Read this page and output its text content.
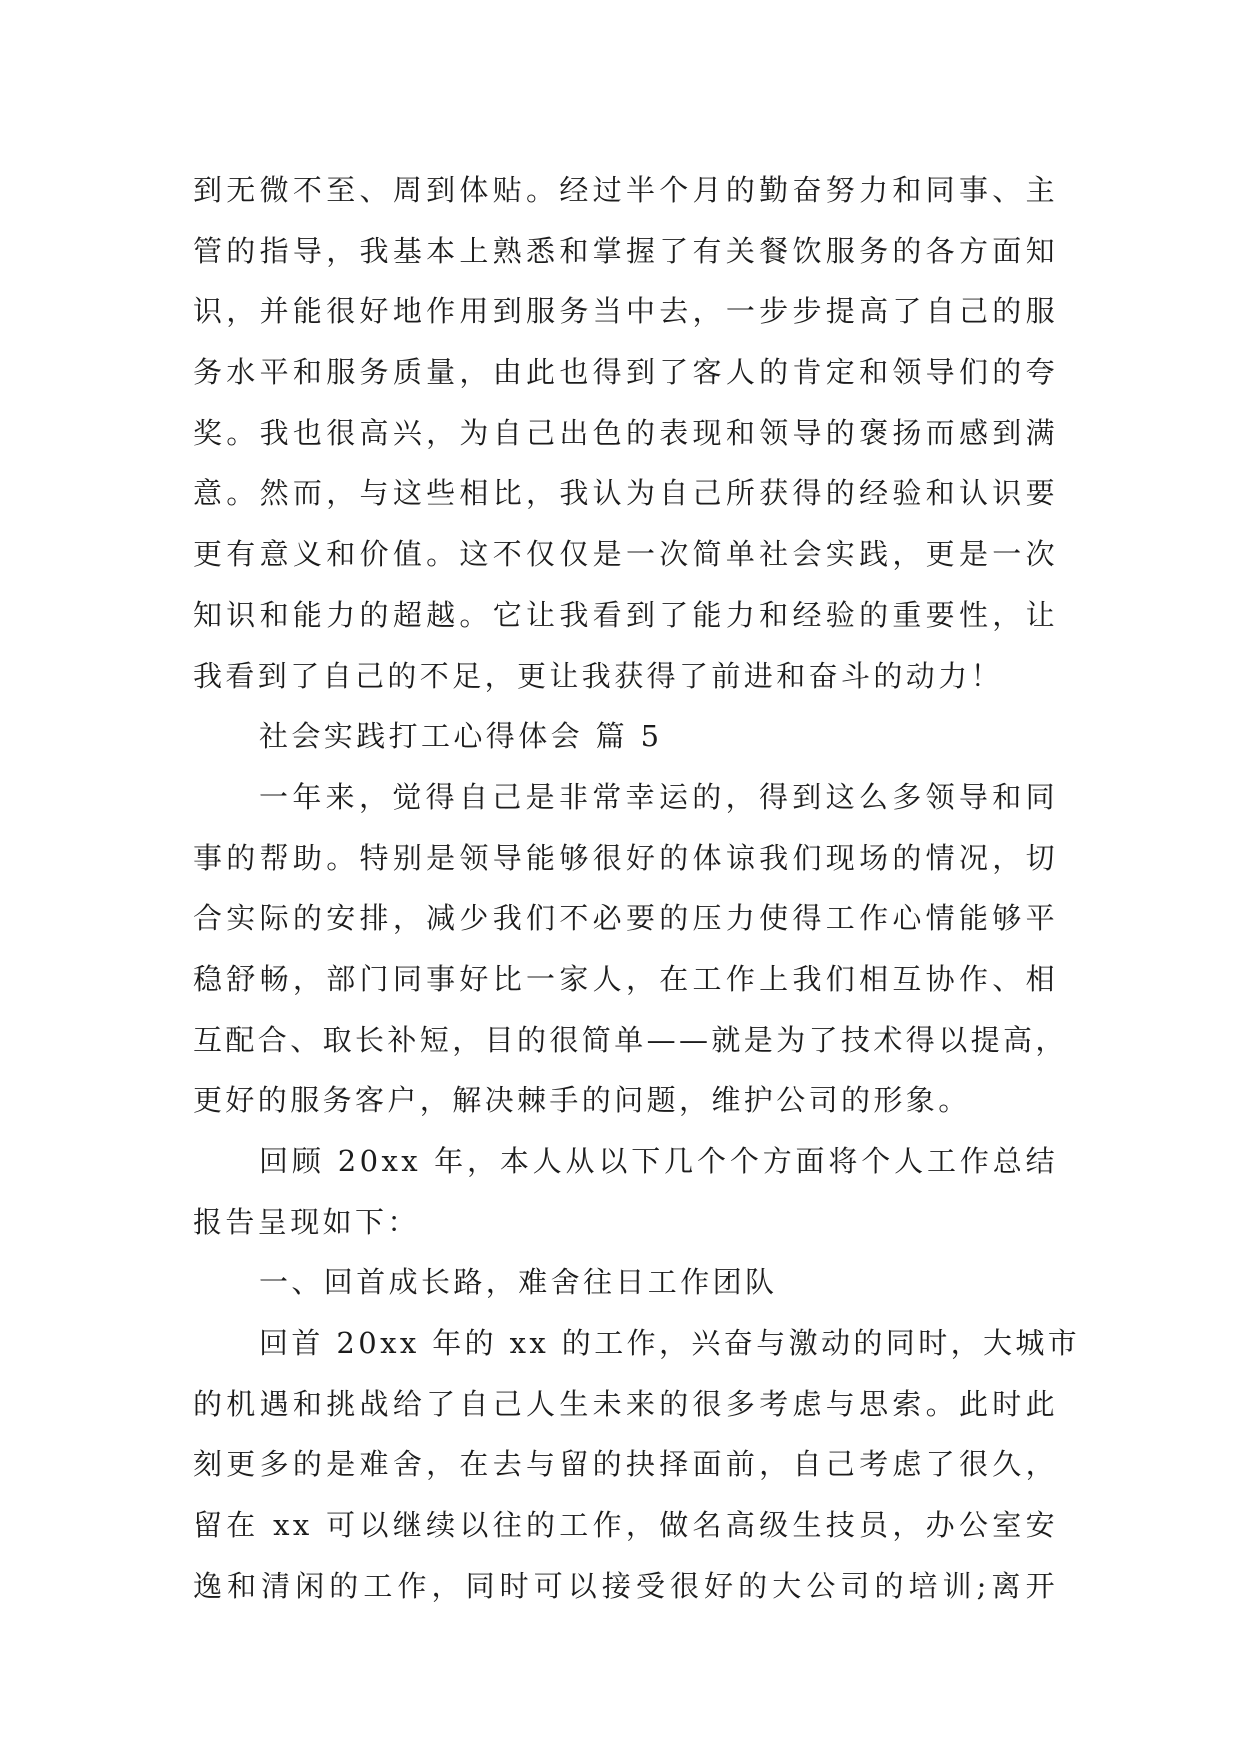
到无微不至、周到体贴。经过半个月的勤奋努力和同事、主
管的指导，我基本上熟悉和掌握了有关餐饮服务的各方面知
识，并能很好地作用到服务当中去，一步步提高了自己的服
务水平和服务质量，由此也得到了客人的肯定和领导们的夸
奖。我也很高兴，为自己出色的表现和领导的褒扬而感到满
意。然而，与这些相比，我认为自己所获得的经验和认识要
更有意义和价值。这不仅仅是一次简单社会实践，更是一次
知识和能力的超越。它让我看到了能力和经验的重要性，让
我看到了自己的不足，更让我获得了前进和奋斗的动力！
社会实践打工心得体会 篇 5
一年来，觉得自己是非常幸运的，得到这么多领导和同
事的帮助。特别是领导能够很好的体谅我们现场的情况，切
合实际的安排，减少我们不必要的压力使得工作心情能够平
稳舒畅，部门同事好比一家人，在工作上我们相互协作、相
互配合、取长补短，目的很简单——就是为了技术得以提高，
更好的服务客户，解决棘手的问题，维护公司的形象。
回顾 20xx 年，本人从以下几个个方面将个人工作总结
报告呈现如下：
一、回首成长路，难舍往日工作团队
回首 20xx 年的 xx 的工作，兴奋与激动的同时，大城市
的机遇和挑战给了自己人生未来的很多考虑与思索。此时此
刻更多的是难舍，在去与留的抉择面前，自己考虑了很久，
留在 xx 可以继续以往的工作，做名高级生技员，办公室安
逸和清闲的工作，同时可以接受很好的大公司的培训;离开
